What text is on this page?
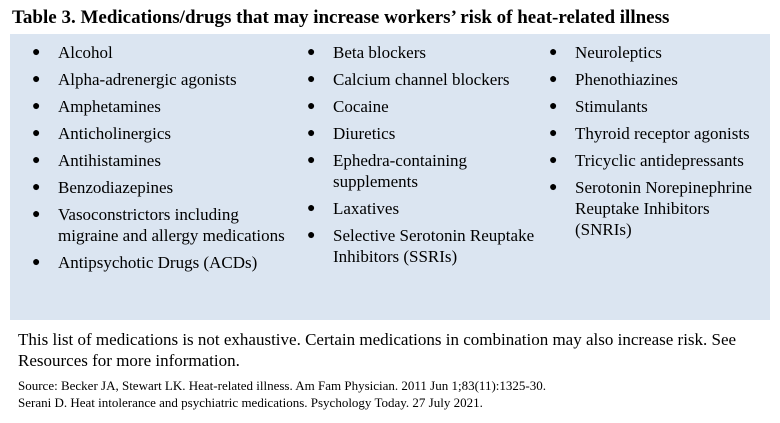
Table 3. Medications/drugs that may increase workers’ risk of heat-related illness
● Alcohol
● Alpha-adrenergic agonists
● Amphetamines
● Anticholinergics
● Antihistamines
● Benzodiazepines
● Vasoconstrictors including migraine and allergy medications
● Antipsychotic Drugs (ACDs)
● Beta blockers
● Calcium channel blockers
● Cocaine
● Diuretics
● Ephedra-containing supplements
● Laxatives
● Selective Serotonin Reuptake Inhibitors (SSRIs)
● Neuroleptics
● Phenothiazines
● Stimulants
● Thyroid receptor agonists
● Tricyclic antidepressants
● Serotonin Norepinephrine Reuptake Inhibitors (SNRIs)
This list of medications is not exhaustive. Certain medications in combination may also increase risk. See Resources for more information.
Source: Becker JA, Stewart LK. Heat-related illness. Am Fam Physician. 2011 Jun 1;83(11):1325-30.
Serani D. Heat intolerance and psychiatric medications. Psychology Today. 27 July 2021.
